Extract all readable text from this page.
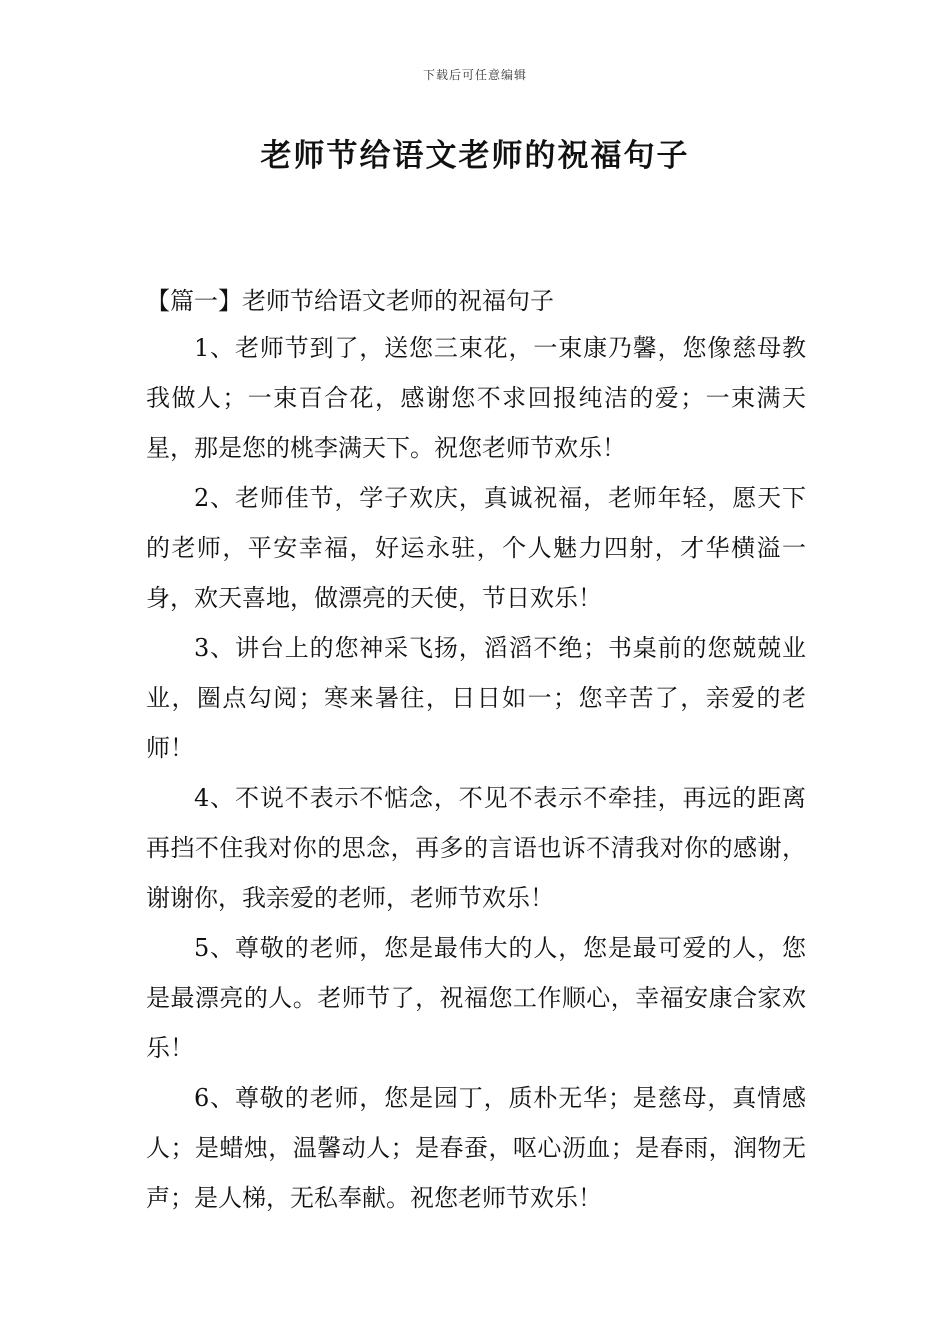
下载后可任意编辑
老师节给语文老师的祝福句子
【篇一】老师节给语文老师的祝福句子

1、老师节到了，送您三束花，一束康乃馨，您像慈母教我做人；一束百合花，感谢您不求回报纯洁的爱；一束满天星，那是您的桃李满天下。祝您老师节欢乐！

2、老师佳节，学子欢庆，真诚祝福，老师年轻，愿天下的老师，平安幸福，好运永驻，个人魅力四射，才华横溢一身，欢天喜地，做漂亮的天使，节日欢乐！

3、讲台上的您神采飞扬，滔滔不绝；书桌前的您兢兢业业，圈点勾阅；寒来暑往，日日如一；您辛苦了，亲爱的老师！

4、不说不表示不惦念，不见不表示不牵挂，再远的距离再挡不住我对你的思念，再多的言语也诉不清我对你的感谢，谢谢你，我亲爱的老师，老师节欢乐！

5、尊敬的老师，您是最伟大的人，您是最可爱的人，您是最漂亮的人。老师节了，祝福您工作顺心，幸福安康合家欢乐！

6、尊敬的老师，您是园丁，质朴无华；是慈母，真情感人；是蜡烛，温馨动人；是春蚕，呕心沥血；是春雨，润物无声；是人梯，无私奉献。祝您老师节欢乐！
